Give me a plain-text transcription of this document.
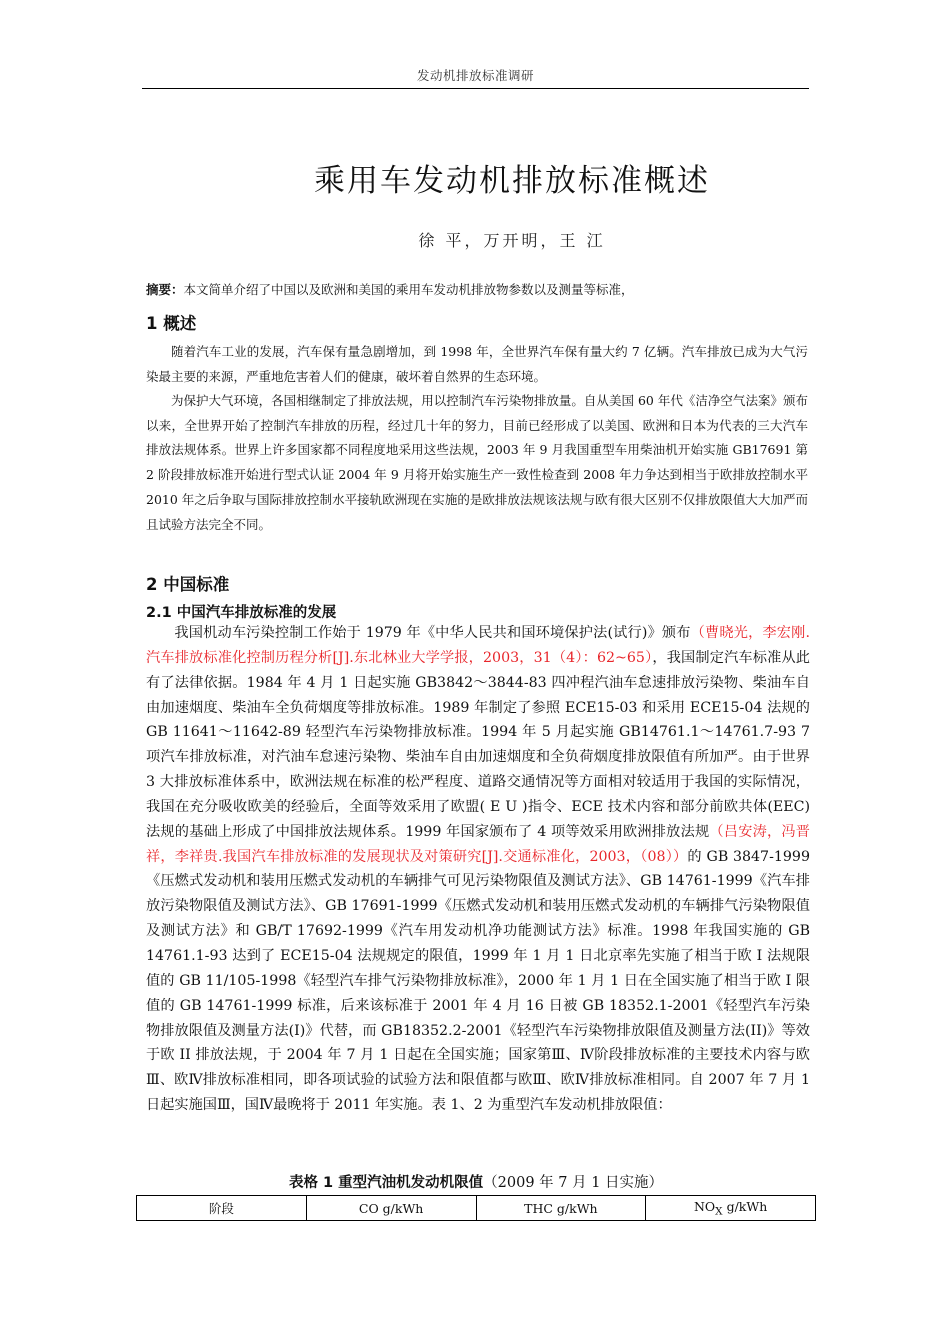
发动机排放标准调研
乘用车发动机排放标准概述
徐 平，万开明，王 江
摘要：本文简单介绍了中国以及欧洲和美国的乘用车发动机排放物参数以及测量等标准，
1 概述
随着汽车工业的发展，汽车保有量急剧增加，到 1998 年，全世界汽车保有量大约 7 亿辆。汽车排放已成为大气污染最主要的来源，严重地危害着人们的健康，破坏着自然界的生态环境。
为保护大气环境，各国相继制定了排放法规，用以控制汽车污染物排放量。自从美国 60 年代《洁净空气法案》颁布以来，全世界开始了控制汽车排放的历程，经过几十年的努力，目前已经形成了以美国、欧洲和日本为代表的三大汽车排放法规体系。世界上许多国家都不同程度地采用这些法规，2003 年 9 月我国重型车用柴油机开始实施 GB17691 第 2 阶段排放标准开始进行型式认证 2004 年 9 月将开始实施生产一致性检查到 2008 年力争达到相当于欧排放控制水平 2010 年之后争取与国际排放控制水平接轨欧洲现在实施的是欧排放法规该法规与欧有很大区别不仅排放限值大大加严而且试验方法完全不同。
2 中国标准
2.1 中国汽车排放标准的发展
我国机动车污染控制工作始于 1979 年《中华人民共和国环境保护法(试行)》颁布（曹晓光，李宏刚.汽车排放标准化控制历程分析[J].东北林业大学学报，2003，31（4）：62~65），我国制定汽车标准从此有了法律依据。1984 年 4 月 1 日起实施 GB3842～3844-83 四冲程汽油车怠速排放污染物、柴油车自由加速烟度、柴油车全负荷烟度等排放标准。1989 年制定了参照 ECE15-03 和采用 ECE15-04 法规的 GB 11641～11642-89 轻型汽车污染物排放标准。1994 年 5 月起实施 GB14761.1～14761.7-93 7 项汽车排放标准，对汽油车怠速污染物、柴油车自由加速烟度和全负荷烟度排放限值有所加严。由于世界 3 大排放标准体系中，欧洲法规在标准的松严程度、道路交通情况等方面相对较适用于我国的实际情况，我国在充分吸收欧美的经验后，全面等效采用了欧盟( E U )指令、ECE 技术内容和部分前欧共体(EEC)法规的基础上形成了中国排放法规体系。1999 年国家颁布了 4 项等效采用欧洲排放法规（吕安涛，冯晋祥，李祥贵.我国汽车排放标准的发展现状及对策研究[J].交通标准化，2003，（08））的 GB 3847-1999《压燃式发动机和装用压燃式发动机的车辆排气可见污染物限值及测试方法》、GB 14761-1999《汽车排放污染物限值及测试方法》、GB 17691-1999《压燃式发动机和装用压燃式发动机的车辆排气污染物限值及测试方法》和 GB/T 17692-1999《汽车用发动机净功能测试方法》标准。1998 年我国实施的 GB 14761.1-93 达到了 ECE15-04 法规规定的限值，1999 年 1 月 1 日北京率先实施了相当于欧 I 法规限值的 GB 11/105-1998《轻型汽车排气污染物排放标准》，2000 年 1 月 1 日在全国实施了相当于欧 I 限值的 GB 14761-1999 标准，后来该标准于 2001 年 4 月 16 日被 GB 18352.1-2001《轻型汽车污染物排放限值及测量方法(I)》代替，而 GB18352.2-2001《轻型汽车污染物排放限值及测量方法(II)》等效于欧 II 排放法规，于 2004 年 7 月 1 日起在全国实施；国家第Ⅲ、Ⅳ阶段排放标准的主要技术内容与欧Ⅲ、欧Ⅳ排放标准相同，即各项试验的试验方法和限值都与欧Ⅲ、欧Ⅳ排放标准相同。自 2007 年 7 月 1 日起实施国Ⅲ，国Ⅳ最晚将于 2011 年实施。表 1、2 为重型汽车发动机排放限值：
表格 1 重型汽油机发动机限值（2009 年 7 月 1 日实施）
阶段	CO g/kWh	THC g/kWh	$NO_X$ g/kWh
